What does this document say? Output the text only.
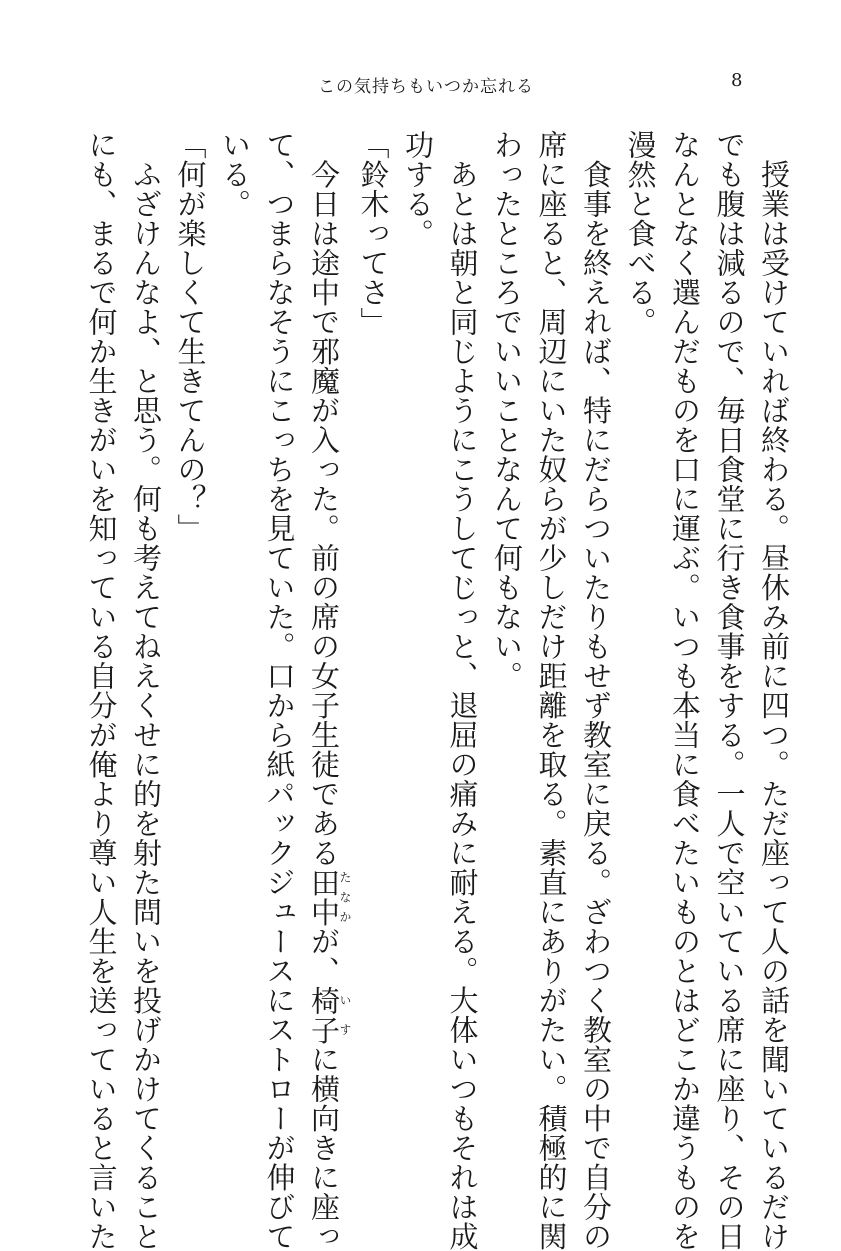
この気持ちもいつか忘れる	8
　授業は受けていれば終わる。昼休み前に四つ。ただ座って人の話を聞いているだけ
でも腹は減るので、毎日食堂に行き食事をする。一人で空いている席に座り、その日
なんとなく選んだものを口に運ぶ。いつも本当に食べたいものとはどこか違うものを
漫然と食べる。
　食事を終えれば、特にだらついたりもせず教室に戻る。ざわつく教室の中で自分の
席に座ると、周辺にいた奴らが少しだけ距離を取る。素直にありがたい。積極的に関
わったところでいいことなんて何もない。
　あとは朝と同じようにこうしてじっと、退屈の痛みに耐える。大体いつもそれは成
功する。
「鈴木ってさ」
　今日は途中で邪魔が入った。前の席の女子生徒である田中たなかが、椅子いすに横向きに座っ
て、つまらなそうにこっちを見ていた。口から紙パックジュースにストローが伸びて
いる。
「何が楽しくて生きてんの？」
　ふざけんなよ、と思う。何も考えてねえくせに的を射た問いを投げかけてくること
にも、まるで何か生きがいを知っている自分が俺より尊い人生を送っていると言いた
